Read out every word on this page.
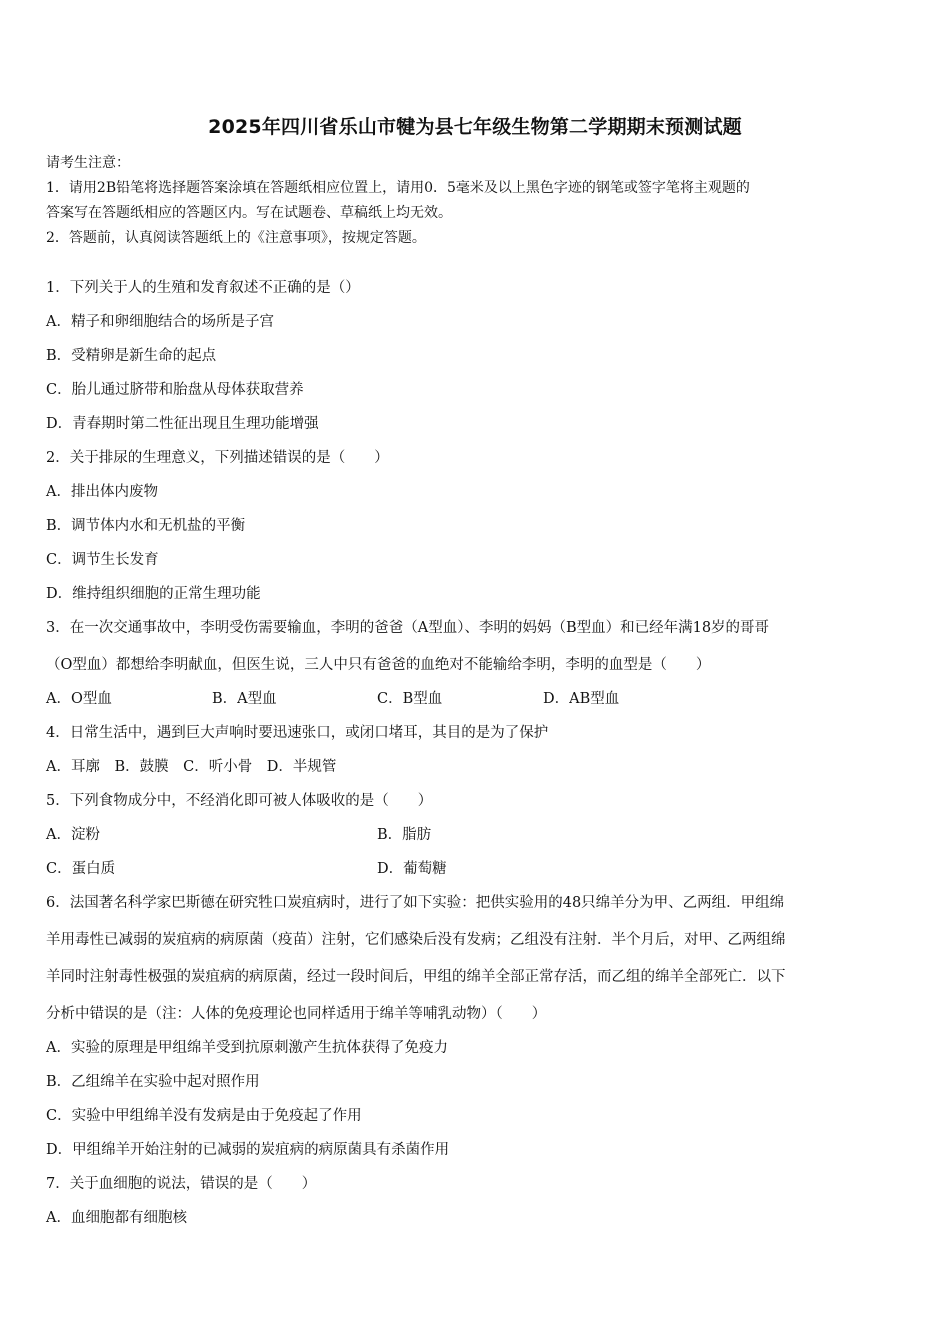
2025年四川省乐山市犍为县七年级生物第二学期期末预测试题
请考生注意：
1．请用2B铅笔将选择题答案涂填在答题纸相应位置上，请用0．5毫米及以上黑色字迹的钢笔或签字笔将主观题的
答案写在答题纸相应的答题区内。写在试题卷、草稿纸上均无效。
2．答题前，认真阅读答题纸上的《注意事项》，按规定答题。
1．下列关于人的生殖和发育叙述不正确的是（）
A．精子和卵细胞结合的场所是子宫
B．受精卵是新生命的起点
C．胎儿通过脐带和胎盘从母体获取营养
D．青春期时第二性征出现且生理功能增强
2．关于排尿的生理意义，下列描述错误的是（　　）
A．排出体内废物
B．调节体内水和无机盐的平衡
C．调节生长发育
D．维持组织细胞的正常生理功能
3．在一次交通事故中，李明受伤需要输血，李明的爸爸（A型血）、李明的妈妈（B型血）和已经年满18岁的哥哥
（O型血）都想给李明献血，但医生说，三人中只有爸爸的血绝对不能输给李明，李明的血型是（　　）
A．O型血	B．A型血	C．B型血	D．AB型血
4．日常生活中，遇到巨大声响时要迅速张口，或闭口堵耳，其目的是为了保护
A．耳廓　B．鼓膜　C．听小骨　D．半规管
5．下列食物成分中，不经消化即可被人体吸收的是（　　）
A．淀粉	B．脂肪
C．蛋白质	D．葡萄糖
6．法国著名科学家巴斯德在研究牲口炭疽病时，进行了如下实验：把供实验用的48只绵羊分为甲、乙两组．甲组绵
羊用毒性已减弱的炭疽病的病原菌（疫苗）注射，它们感染后没有发病；乙组没有注射．半个月后，对甲、乙两组绵
羊同时注射毒性极强的炭疽病的病原菌，经过一段时间后，甲组的绵羊全部正常存活，而乙组的绵羊全部死亡．以下
分析中错误的是（注：人体的免疫理论也同样适用于绵羊等哺乳动物）（　　）
A．实验的原理是甲组绵羊受到抗原刺激产生抗体获得了免疫力
B．乙组绵羊在实验中起对照作用
C．实验中甲组绵羊没有发病是由于免疫起了作用
D．甲组绵羊开始注射的已减弱的炭疽病的病原菌具有杀菌作用
7．关于血细胞的说法，错误的是（　　）
A．血细胞都有细胞核
